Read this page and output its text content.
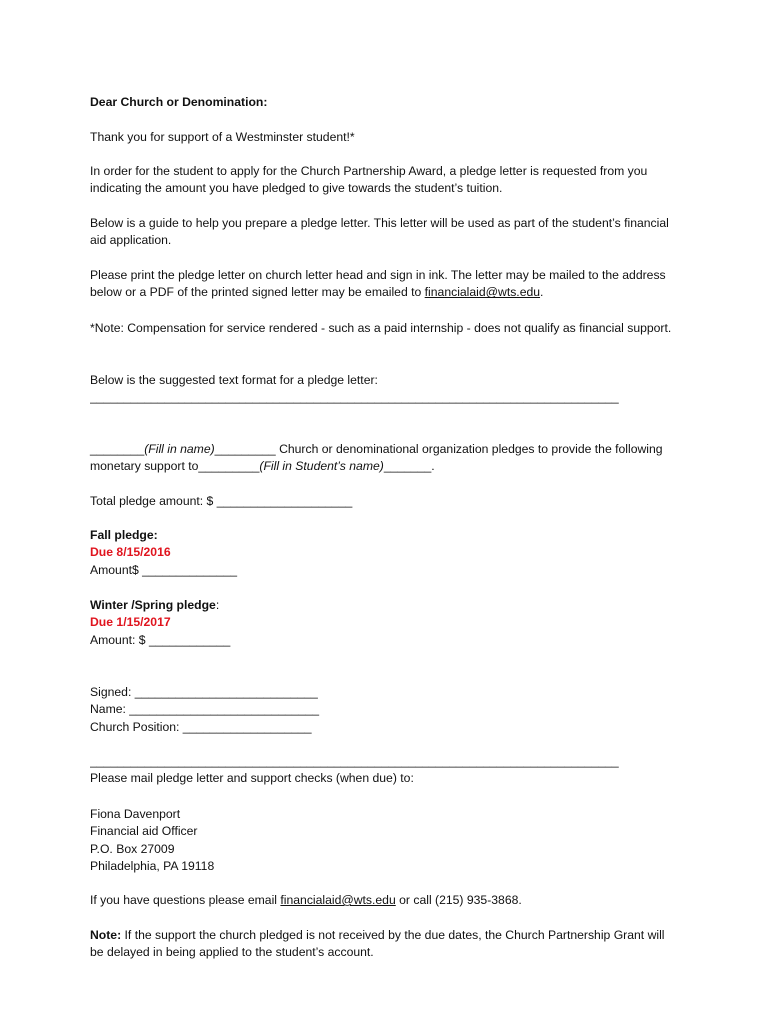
Dear Church or Denomination:

Thank you for support of a Westminster student!*

In order for the student to apply for the Church Partnership Award, a pledge letter is requested from you indicating the amount you have pledged to give towards the student’s tuition.

Below is a guide to help you prepare a pledge letter. This letter will be used as part of the student’s financial aid application.

Please print the pledge letter on church letter head and sign in ink. The letter may be mailed to the address below or a PDF of the printed signed letter may be emailed to financialaid@wts.edu.

*Note: Compensation for service rendered - such as a paid internship - does not qualify as financial support.

Below is the suggested text format for a pledge letter:
______________________________________________________________________________

________(Fill in name)_________ Church or denominational organization pledges to provide the following monetary support to_________(Fill in Student’s name)_______.

Total pledge amount: $ ____________________

Fall pledge:
Due 8/15/2016
Amount$ ______________

Winter /Spring pledge:
Due 1/15/2017
Amount: $ ____________

Signed: ___________________________
Name: ____________________________
Church Position: ___________________

______________________________________________________________________________
Please mail pledge letter and support checks (when due) to:

Fiona Davenport
Financial aid Officer
P.O. Box 27009
Philadelphia, PA 19118

If you have questions please email financialaid@wts.edu or call (215) 935-3868.

Note: If the support the church pledged is not received by the due dates, the Church Partnership Grant will be delayed in being applied to the student’s account.
